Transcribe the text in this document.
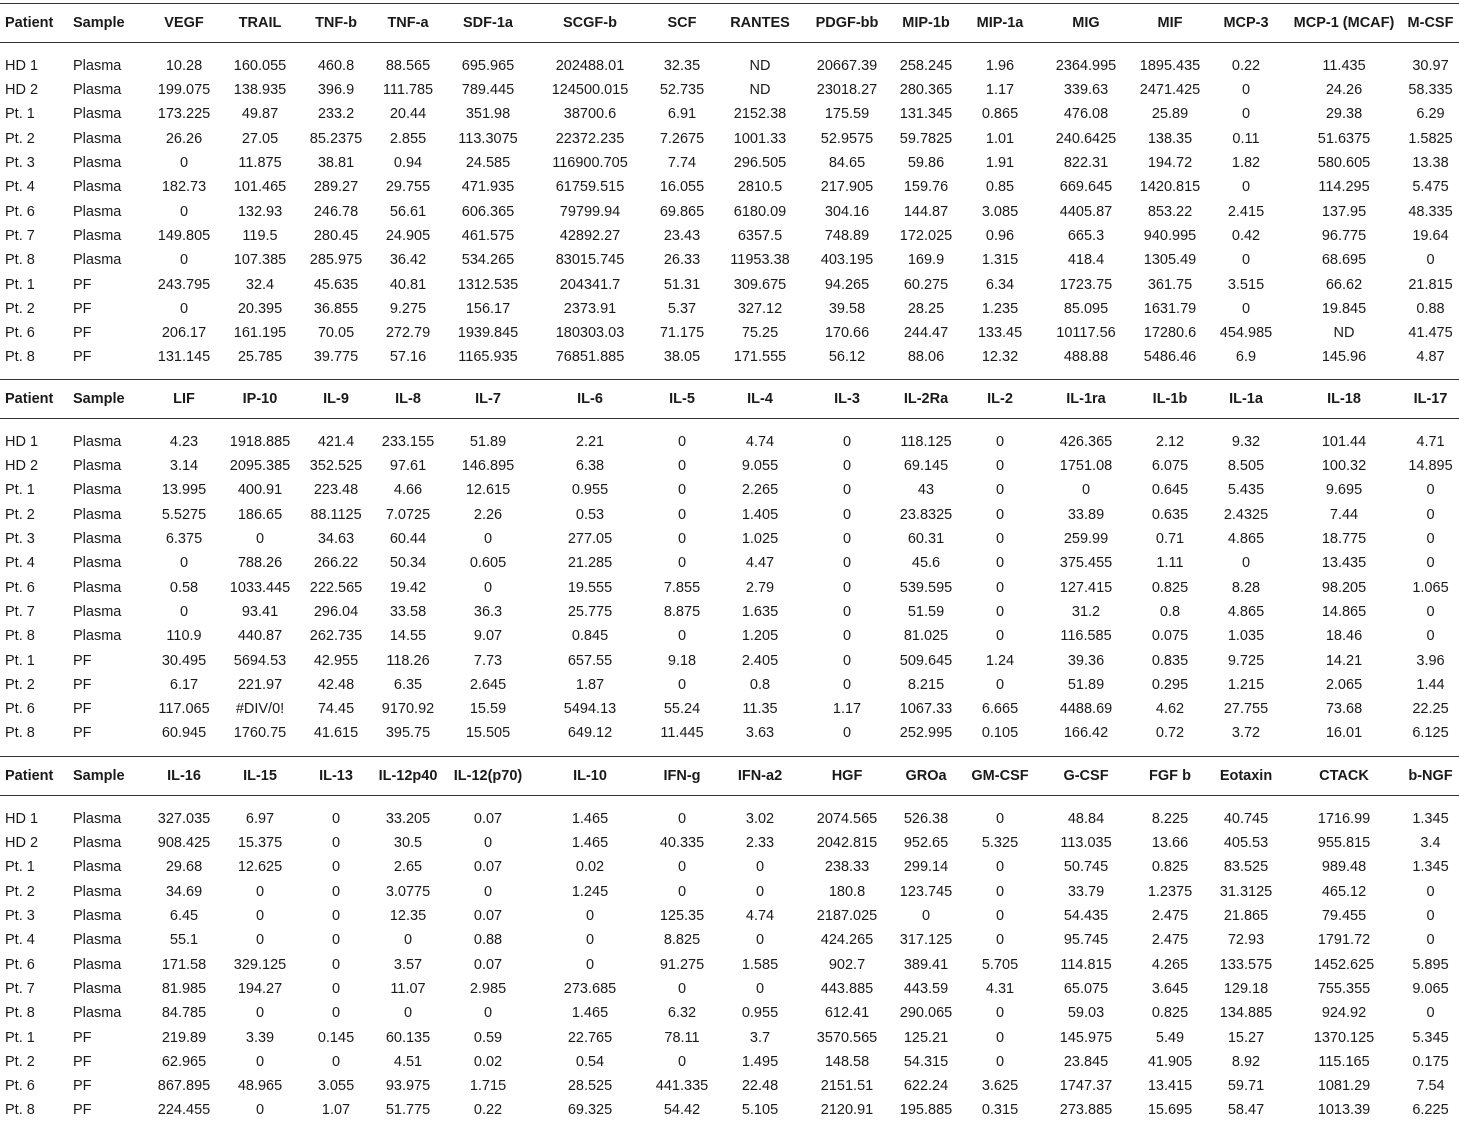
Patient	Sample	VEGF	TRAIL	TNF-b	TNF-a	SDF-1a	SCGF-b	SCF	RANTES	PDGF-bb	MIP-1b	MIP-1a	MIG	MIF	MCP-3	MCP-1 (MCAF)	M-CSF
HD 1	Plasma	10.28	160.055	460.8	88.565	695.965	202488.01	32.35	ND	20667.39	258.245	1.96	2364.995	1895.435	0.22	11.435	30.97
HD 2	Plasma	199.075	138.935	396.9	111.785	789.445	124500.015	52.735	ND	23018.27	280.365	1.17	339.63	2471.425	0	24.26	58.335
Pt. 1	Plasma	173.225	49.87	233.2	20.44	351.98	38700.6	6.91	2152.38	175.59	131.345	0.865	476.08	25.89	0	29.38	6.29
Pt. 2	Plasma	26.26	27.05	85.2375	2.855	113.3075	22372.235	7.2675	1001.33	52.9575	59.7825	1.01	240.6425	138.35	0.11	51.6375	1.5825
Pt. 3	Plasma	0	11.875	38.81	0.94	24.585	116900.705	7.74	296.505	84.65	59.86	1.91	822.31	194.72	1.82	580.605	13.38
Pt. 4	Plasma	182.73	101.465	289.27	29.755	471.935	61759.515	16.055	2810.5	217.905	159.76	0.85	669.645	1420.815	0	114.295	5.475
Pt. 6	Plasma	0	132.93	246.78	56.61	606.365	79799.94	69.865	6180.09	304.16	144.87	3.085	4405.87	853.22	2.415	137.95	48.335
Pt. 7	Plasma	149.805	119.5	280.45	24.905	461.575	42892.27	23.43	6357.5	748.89	172.025	0.96	665.3	940.995	0.42	96.775	19.64
Pt. 8	Plasma	0	107.385	285.975	36.42	534.265	83015.745	26.33	11953.38	403.195	169.9	1.315	418.4	1305.49	0	68.695	0
Pt. 1	PF	243.795	32.4	45.635	40.81	1312.535	204341.7	51.31	309.675	94.265	60.275	6.34	1723.75	361.75	3.515	66.62	21.815
Pt. 2	PF	0	20.395	36.855	9.275	156.17	2373.91	5.37	327.12	39.58	28.25	1.235	85.095	1631.79	0	19.845	0.88
Pt. 6	PF	206.17	161.195	70.05	272.79	1939.845	180303.03	71.175	75.25	170.66	244.47	133.45	10117.56	17280.6	454.985	ND	41.475
Pt. 8	PF	131.145	25.785	39.775	57.16	1165.935	76851.885	38.05	171.555	56.12	88.06	12.32	488.88	5486.46	6.9	145.96	4.87
Patient	Sample	LIF	IP-10	IL-9	IL-8	IL-7	IL-6	IL-5	IL-4	IL-3	IL-2Ra	IL-2	IL-1ra	IL-1b	IL-1a	IL-18	IL-17
HD 1	Plasma	4.23	1918.885	421.4	233.155	51.89	2.21	0	4.74	0	118.125	0	426.365	2.12	9.32	101.44	4.71
HD 2	Plasma	3.14	2095.385	352.525	97.61	146.895	6.38	0	9.055	0	69.145	0	1751.08	6.075	8.505	100.32	14.895
Pt. 1	Plasma	13.995	400.91	223.48	4.66	12.615	0.955	0	2.265	0	43	0	0	0.645	5.435	9.695	0
Pt. 2	Plasma	5.5275	186.65	88.1125	7.0725	2.26	0.53	0	1.405	0	23.8325	0	33.89	0.635	2.4325	7.44	0
Pt. 3	Plasma	6.375	0	34.63	60.44	0	277.05	0	1.025	0	60.31	0	259.99	0.71	4.865	18.775	0
Pt. 4	Plasma	0	788.26	266.22	50.34	0.605	21.285	0	4.47	0	45.6	0	375.455	1.11	0	13.435	0
Pt. 6	Plasma	0.58	1033.445	222.565	19.42	0	19.555	7.855	2.79	0	539.595	0	127.415	0.825	8.28	98.205	1.065
Pt. 7	Plasma	0	93.41	296.04	33.58	36.3	25.775	8.875	1.635	0	51.59	0	31.2	0.8	4.865	14.865	0
Pt. 8	Plasma	110.9	440.87	262.735	14.55	9.07	0.845	0	1.205	0	81.025	0	116.585	0.075	1.035	18.46	0
Pt. 1	PF	30.495	5694.53	42.955	118.26	7.73	657.55	9.18	2.405	0	509.645	1.24	39.36	0.835	9.725	14.21	3.96
Pt. 2	PF	6.17	221.97	42.48	6.35	2.645	1.87	0	0.8	0	8.215	0	51.89	0.295	1.215	2.065	1.44
Pt. 6	PF	117.065	#DIV/0!	74.45	9170.92	15.59	5494.13	55.24	11.35	1.17	1067.33	6.665	4488.69	4.62	27.755	73.68	22.25
Pt. 8	PF	60.945	1760.75	41.615	395.75	15.505	649.12	11.445	3.63	0	252.995	0.105	166.42	0.72	3.72	16.01	6.125
Patient	Sample	IL-16	IL-15	IL-13	IL-12p40	IL-12(p70)	IL-10	IFN-g	IFN-a2	HGF	GROa	GM-CSF	G-CSF	FGF b	Eotaxin	CTACK	b-NGF
HD 1	Plasma	327.035	6.97	0	33.205	0.07	1.465	0	3.02	2074.565	526.38	0	48.84	8.225	40.745	1716.99	1.345
HD 2	Plasma	908.425	15.375	0	30.5	0	1.465	40.335	2.33	2042.815	952.65	5.325	113.035	13.66	405.53	955.815	3.4
Pt. 1	Plasma	29.68	12.625	0	2.65	0.07	0.02	0	0	238.33	299.14	0	50.745	0.825	83.525	989.48	1.345
Pt. 2	Plasma	34.69	0	0	3.0775	0	1.245	0	0	180.8	123.745	0	33.79	1.2375	31.3125	465.12	0
Pt. 3	Plasma	6.45	0	0	12.35	0.07	0	125.35	4.74	2187.025	0	0	54.435	2.475	21.865	79.455	0
Pt. 4	Plasma	55.1	0	0	0	0.88	0	8.825	0	424.265	317.125	0	95.745	2.475	72.93	1791.72	0
Pt. 6	Plasma	171.58	329.125	0	3.57	0.07	0	91.275	1.585	902.7	389.41	5.705	114.815	4.265	133.575	1452.625	5.895
Pt. 7	Plasma	81.985	194.27	0	11.07	2.985	273.685	0	0	443.885	443.59	4.31	65.075	3.645	129.18	755.355	9.065
Pt. 8	Plasma	84.785	0	0	0	0	1.465	6.32	0.955	612.41	290.065	0	59.03	0.825	134.885	924.92	0
Pt. 1	PF	219.89	3.39	0.145	60.135	0.59	22.765	78.11	3.7	3570.565	125.21	0	145.975	5.49	15.27	1370.125	5.345
Pt. 2	PF	62.965	0	0	4.51	0.02	0.54	0	1.495	148.58	54.315	0	23.845	41.905	8.92	115.165	0.175
Pt. 6	PF	867.895	48.965	3.055	93.975	1.715	28.525	441.335	22.48	2151.51	622.24	3.625	1747.37	13.415	59.71	1081.29	7.54
Pt. 8	PF	224.455	0	1.07	51.775	0.22	69.325	54.42	5.105	2120.91	195.885	0.315	273.885	15.695	58.47	1013.39	6.225
